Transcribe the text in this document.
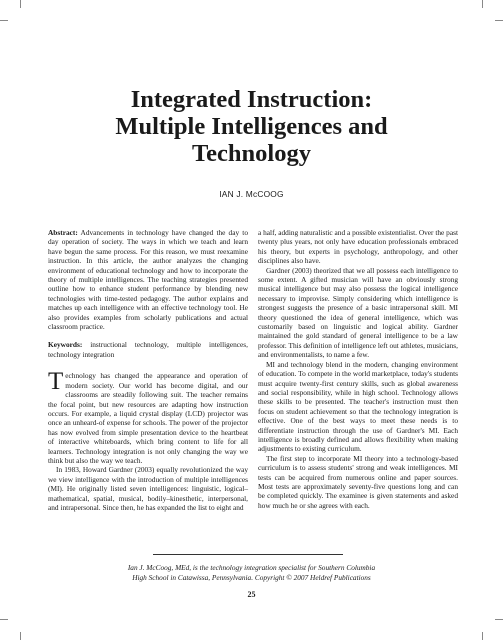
Integrated Instruction:
Multiple Intelligences and
Technology
IAN J. McCOOG

Abstract: Advancements in technology have changed the day to day operation of society. The ways in which we teach and learn have begun the same process. For this reason, we must reexamine instruction. In this article, the author analyzes the changing environment of educational technology and how to incorporate the theory of multiple intelligences. The teaching strategies presented outline how to enhance student performance by blending new technologies with time-tested pedagogy. The author explains and matches up each intelligence with an effective technology tool. He also provides examples from scholarly publications and actual classroom practice.

Keywords: instructional technology, multiple intelligences, technology integration

Technology has changed the appearance and operation of modern society. Our world has become digital, and our classrooms are steadily following suit. The teacher remains the focal point, but new resources are adapting how instruction occurs. For example, a liquid crystal display (LCD) projector was once an unheard-of expense for schools. The power of the projector has now evolved from simple presentation device to the heartbeat of interactive whiteboards, which bring content to life for all learners. Technology integration is not only changing the way we think but also the way we teach.

In 1983, Howard Gardner (2003) equally revolutionized the way we view intelligence with the introduction of multiple intelligences (MI). He originally listed seven intelligences: linguistic, logical–mathematical, spatial, musical, bodily–kinesthetic, interpersonal, and intrapersonal. Since then, he has expanded the list to eight and

a half, adding naturalistic and a possible existentialist. Over the past twenty plus years, not only have education professionals embraced his theory, but experts in psychology, anthropology, and other disciplines also have.

Gardner (2003) theorized that we all possess each intelligence to some extent. A gifted musician will have an obviously strong musical intelligence but may also possess the logical intelligence necessary to improvise. Simply considering which intelligence is strongest suggests the presence of a basic intrapersonal skill. MI theory questioned the idea of general intelligence, which was customarily based on linguistic and logical ability. Gardner maintained the gold standard of general intelligence to be a law professor. This definition of intelligence left out athletes, musicians, and environmentalists, to name a few.

MI and technology blend in the modern, changing environment of education. To compete in the world marketplace, today's students must acquire twenty-first century skills, such as global awareness and social responsibility, while in high school. Technology allows these skills to be presented. The teacher's instruction must then focus on student achievement so that the technology integration is effective. One of the best ways to meet these needs is to differentiate instruction through the use of Gardner's MI. Each intelligence is broadly defined and allows flexibility when making adjustments to existing curriculum.

The first step to incorporate MI theory into a technology-based curriculum is to assess students' strong and weak intelligences. MI tests can be acquired from numerous online and paper sources. Most tests are approximately seventy-five questions long and can be completed quickly. The examinee is given statements and asked how much he or she agrees with each.

Ian J. McCoog, MEd, is the technology integration specialist for Southern Columbia
High School in Catawissa, Pennsylvania. Copyright © 2007 Heldref Publications
25
